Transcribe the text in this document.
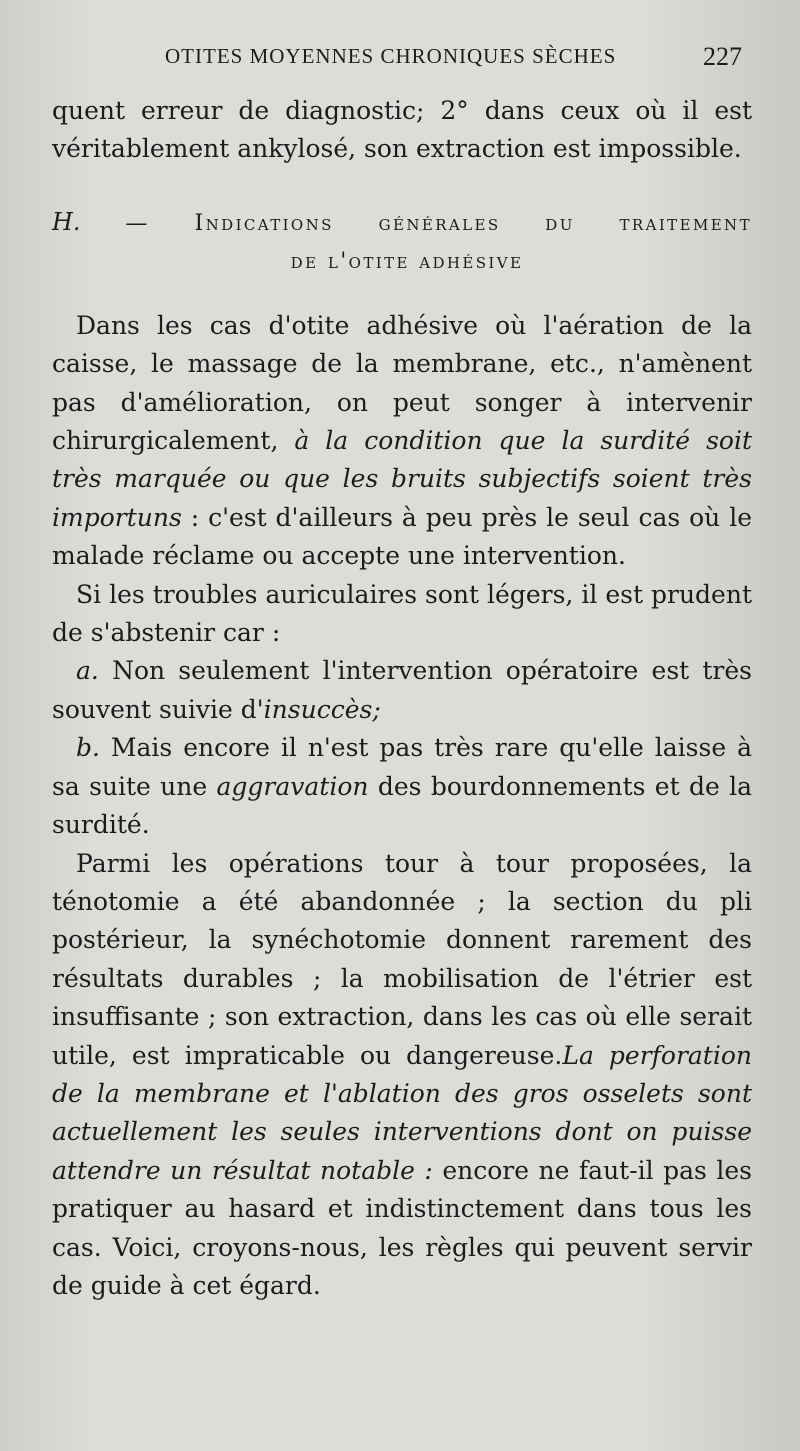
OTITES MOYENNES CHRONIQUES SÈCHES	227

quent erreur de diagnostic; 2° dans ceux où il est véritablement ankylosé, son extraction est impossible.

H. — Indications générales du traitement
de l'otite adhésive

Dans les cas d'otite adhésive où l'aération de la caisse, le massage de la membrane, etc., n'amènent pas d'amélioration, on peut songer à intervenir chirurgicalement, à la condition que la surdité soit très marquée ou que les bruits subjectifs soient très importuns : c'est d'ailleurs à peu près le seul cas où le malade réclame ou accepte une intervention.

Si les troubles auriculaires sont légers, il est prudent de s'abstenir car :

a. Non seulement l'intervention opératoire est très souvent suivie d'insuccès;

b. Mais encore il n'est pas très rare qu'elle laisse à sa suite une aggravation des bourdonnements et de la surdité.

Parmi les opérations tour à tour proposées, la ténotomie a été abandonnée ; la section du pli postérieur, la synéchotomie donnent rarement des résultats durables ; la mobilisation de l'étrier est insuffisante ; son extraction, dans les cas où elle serait utile, est impraticable ou dangereuse.La perforation de la membrane et l'ablation des gros osselets sont actuellement les seules interventions dont on puisse attendre un résultat notable : encore ne faut-il pas les pratiquer au hasard et indistinctement dans tous les cas. Voici, croyons-nous, les règles qui peuvent servir de guide à cet égard.
